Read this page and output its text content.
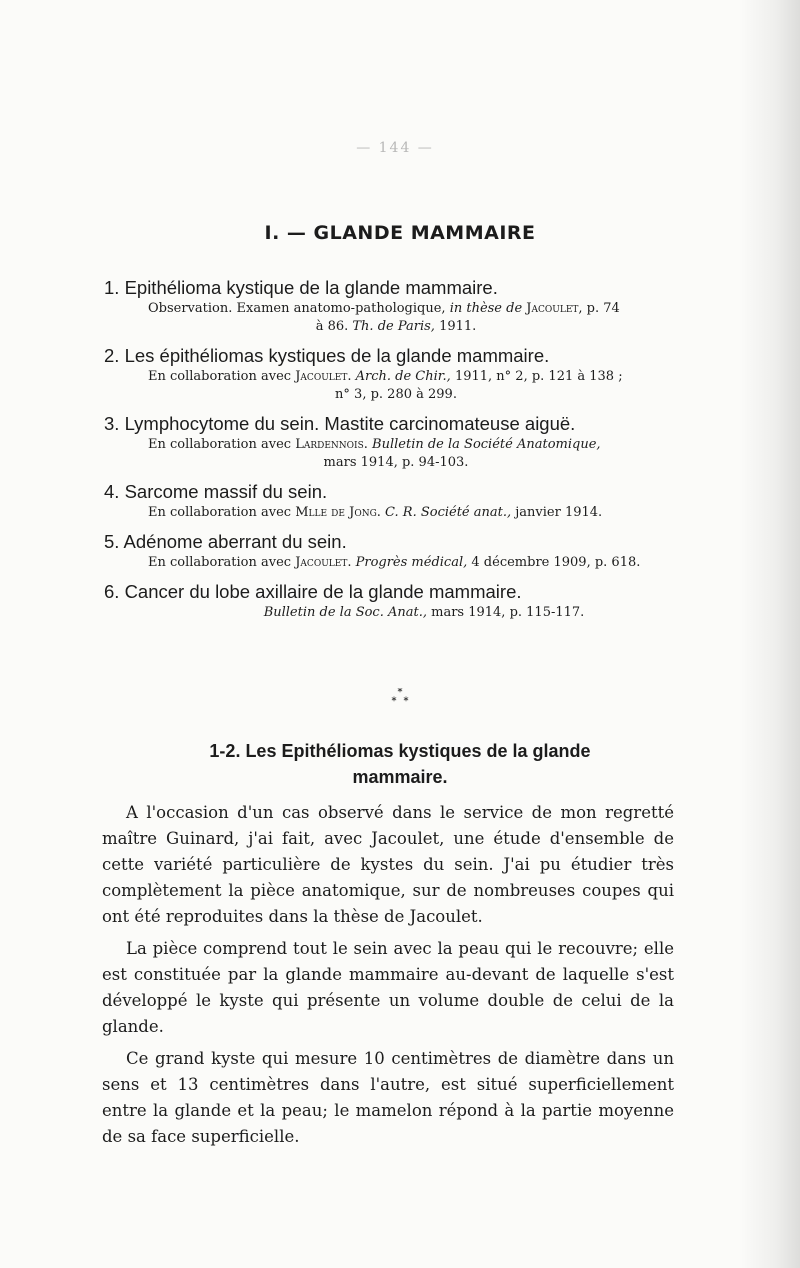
— 144 —
I. — GLANDE MAMMAIRE
1. Epithélioma kystique de la glande mammaire.
Observation. Examen anatomo-pathologique, in thèse de Jacoulet, p. 74

à 86. Th. de Paris, 1911.
2. Les épithéliomas kystiques de la glande mammaire.
En collaboration avec Jacoulet. Arch. de Chir., 1911, n° 2, p. 121 à 138 ;

n° 3, p. 280 à 299.
3. Lymphocytome du sein. Mastite carcinomateuse aiguë.
En collaboration avec Lardennois. Bulletin de la Société Anatomique,

mars 1914, p. 94-103.
4. Sarcome massif du sein.
En collaboration avec Mlle de Jong. C. R. Société anat., janvier 1914.
5. Adénome aberrant du sein.
En collaboration avec Jacoulet. Progrès médical, 4 décembre 1909, p. 618.
6. Cancer du lobe axillaire de la glande mammaire.
Bulletin de la Soc. Anat., mars 1914, p. 115-117.
*
* *
1-2. Les Epithéliomas kystiques de la glande
mammaire.

A l'occasion d'un cas observé dans le service de mon regretté maître Guinard, j'ai fait, avec Jacoulet, une étude d'ensemble de cette variété particulière de kystes du sein. J'ai pu étudier très complètement la pièce anatomique, sur de nombreuses coupes qui ont été reproduites dans la thèse de Jacoulet.

La pièce comprend tout le sein avec la peau qui le recouvre; elle est constituée par la glande mammaire au-devant de laquelle s'est développé le kyste qui présente un volume double de celui de la glande.

Ce grand kyste qui mesure 10 centimètres de diamètre dans un sens et 13 centimètres dans l'autre, est situé superficiellement entre la glande et la peau; le mamelon répond à la partie moyenne de sa face superficielle.
